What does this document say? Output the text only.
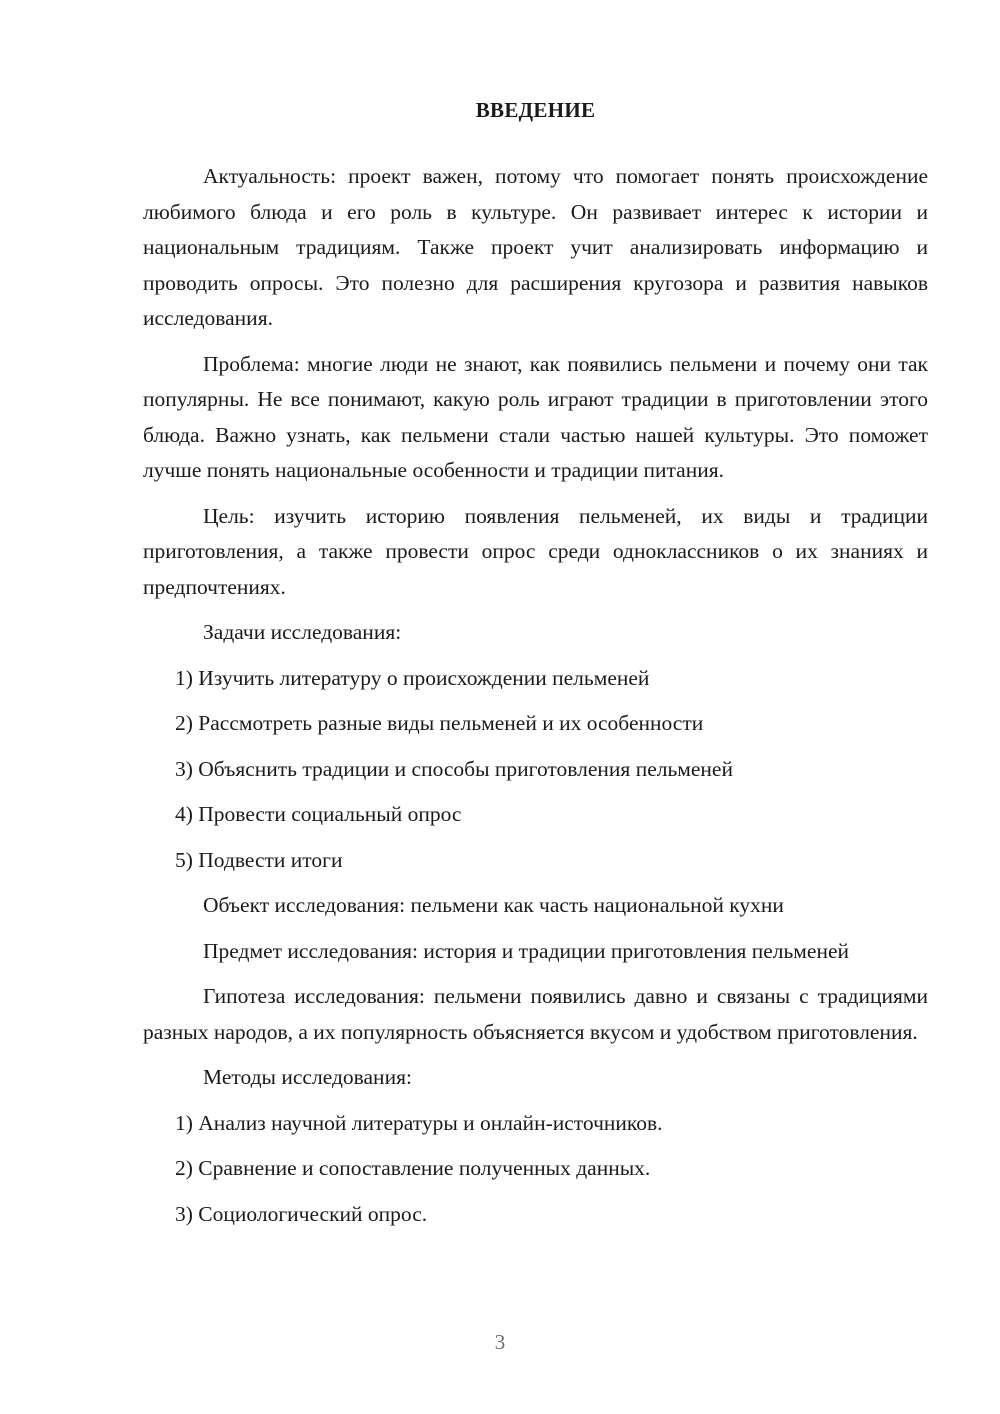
ВВЕДЕНИЕ

Актуальность: проект важен, потому что помогает понять происхождение любимого блюда и его роль в культуре. Он развивает интерес к истории и национальным традициям. Также проект учит анализировать информацию и проводить опросы. Это полезно для расширения кругозора и развития навыков исследования.

Проблема: многие люди не знают, как появились пельмени и почему они так популярны. Не все понимают, какую роль играют традиции в приготовлении этого блюда. Важно узнать, как пельмени стали частью нашей культуры. Это поможет лучше понять национальные особенности и традиции питания.

Цель: изучить историю появления пельменей, их виды и традиции приготовления, а также провести опрос среди одноклассников о их знаниях и предпочтениях.

Задачи исследования:

1) Изучить литературу о происхождении пельменей
2) Рассмотреть разные виды пельменей и их особенности
3) Объяснить традиции и способы приготовления пельменей
4) Провести социальный опрос
5) Подвести итоги

Объект исследования: пельмени как часть национальной кухни

Предмет исследования: история и традиции приготовления пельменей

Гипотеза исследования: пельмени появились давно и связаны с традициями разных народов, а их популярность объясняется вкусом и удобством приготовления.

Методы исследования:

1) Анализ научной литературы и онлайн-источников.
2) Сравнение и сопоставление полученных данных.
3) Социологический опрос.

3
